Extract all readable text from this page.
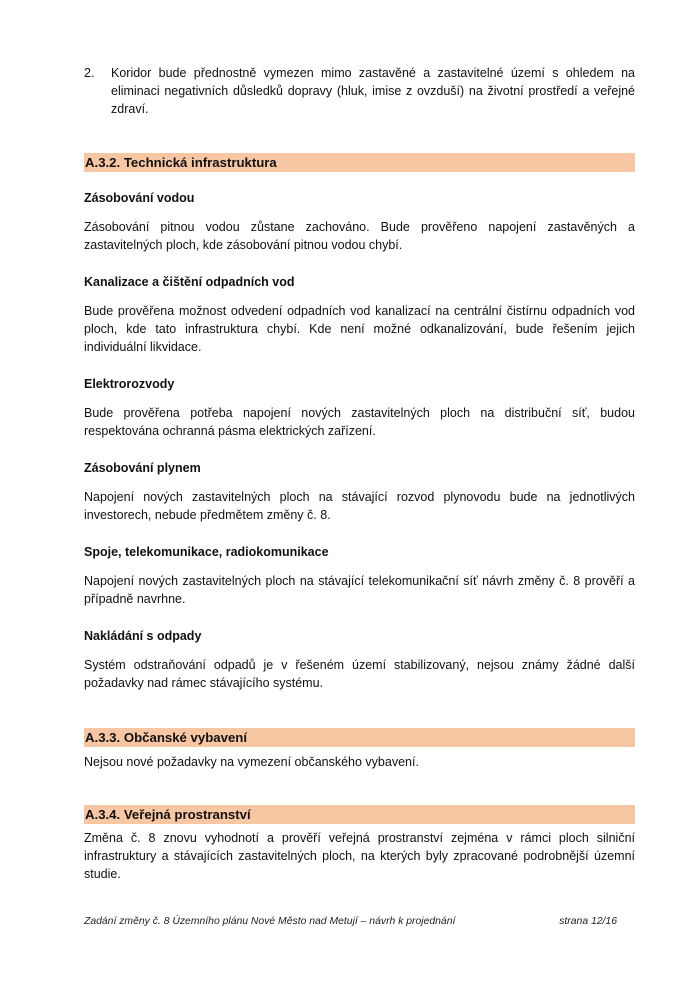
2. Koridor bude přednostně vymezen mimo zastavěné a zastavitelné území s ohledem na eliminaci negativních důsledků dopravy (hluk, imise z ovzduší) na životní prostředí a veřejné zdraví.
A.3.2. Technická infrastruktura
Zásobování vodou
Zásobování pitnou vodou zůstane zachováno. Bude prověřeno napojení zastavěných a zastavitelných ploch, kde zásobování pitnou vodou chybí.
Kanalizace a čištění odpadních vod
Bude prověřena možnost odvedení odpadních vod kanalizací na centrální čistírnu odpadních vod ploch, kde tato infrastruktura chybí. Kde není možné odkanalizování, bude řešením jejich individuální likvidace.
Elektrorozvody
Bude prověřena potřeba napojení nových zastavitelných ploch na distribuční síť, budou respektována ochranná pásma elektrických zařízení.
Zásobování plynem
Napojení nových zastavitelných ploch na stávající rozvod plynovodu bude na jednotlivých investorech, nebude předmětem změny č. 8.
Spoje, telekomunikace, radiokomunikace
Napojení nových zastavitelných ploch na stávající telekomunikační síť návrh změny č. 8 prověří a případně navrhne.
Nakládání s odpady
Systém odstraňování odpadů je v řešeném území stabilizovaný, nejsou známy žádné další požadavky nad rámec stávajícího systému.
A.3.3. Občanské vybavení
Nejsou nové požadavky na vymezení občanského vybavení.
A.3.4. Veřejná prostranství
Změna č. 8 znovu vyhodnotí a prověří veřejná prostranství zejména v rámci ploch silniční infrastruktury a stávajících zastavitelných ploch, na kterých byly zpracované podrobnější územní studie.
Zadání změny č. 8 Územního plánu Nové Město nad Metují – návrh k projednání	strana 12/16
